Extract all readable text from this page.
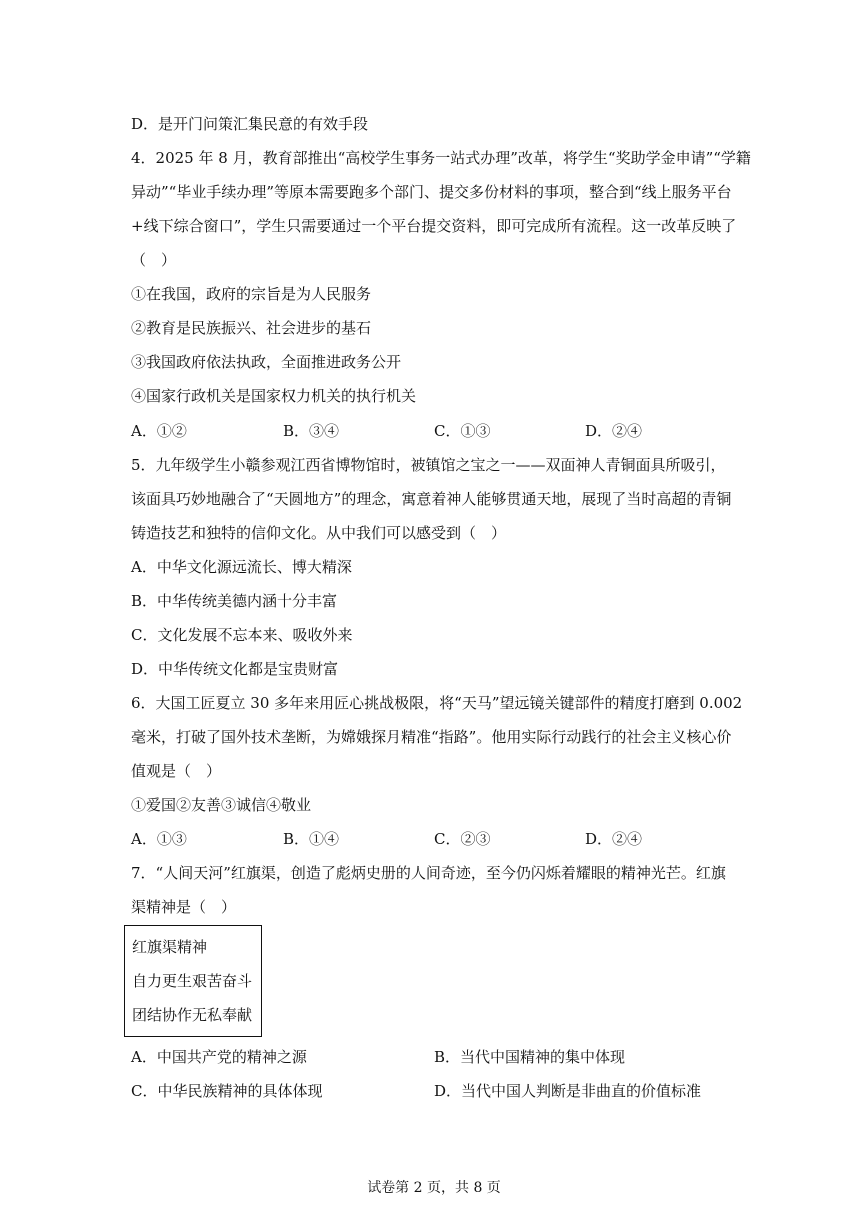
D．是开门问策汇集民意的有效手段
4．2025 年 8 月，教育部推出“高校学生事务一站式办理”改革，将学生“奖助学金申请”“学籍
异动”“毕业手续办理”等原本需要跑多个部门、提交多份材料的事项，整合到“线上服务平台
+线下综合窗口”，学生只需要通过一个平台提交资料，即可完成所有流程。这一改革反映了
（　）
①在我国，政府的宗旨是为人民服务
②教育是民族振兴、社会进步的基石
③我国政府依法执政，全面推进政务公开
④国家行政机关是国家权力机关的执行机关
A．①②	B．③④	C．①③	D．②④
5．九年级学生小赣参观江西省博物馆时，被镇馆之宝之一——双面神人青铜面具所吸引，
该面具巧妙地融合了“天圆地方”的理念，寓意着神人能够贯通天地，展现了当时高超的青铜
铸造技艺和独特的信仰文化。从中我们可以感受到（　）
A．中华文化源远流长、博大精深
B．中华传统美德内涵十分丰富
C．文化发展不忘本来、吸收外来
D．中华传统文化都是宝贵财富
6．大国工匠夏立 30 多年来用匠心挑战极限，将“天马”望远镜关键部件的精度打磨到 0.002
毫米，打破了国外技术垄断，为嫦娥探月精准“指路”。他用实际行动践行的社会主义核心价
值观是（　）
①爱国②友善③诚信④敬业
A．①③	B．①④	C．②③	D．②④
7．“人间天河”红旗渠，创造了彪炳史册的人间奇迹，至今仍闪烁着耀眼的精神光芒。红旗
渠精神是（　）
红旗渠精神
自力更生艰苦奋斗
团结协作无私奉献
A．中国共产党的精神之源	B．当代中国精神的集中体现
C．中华民族精神的具体体现	D．当代中国人判断是非曲直的价值标准
试卷第 2 页，共 8 页
